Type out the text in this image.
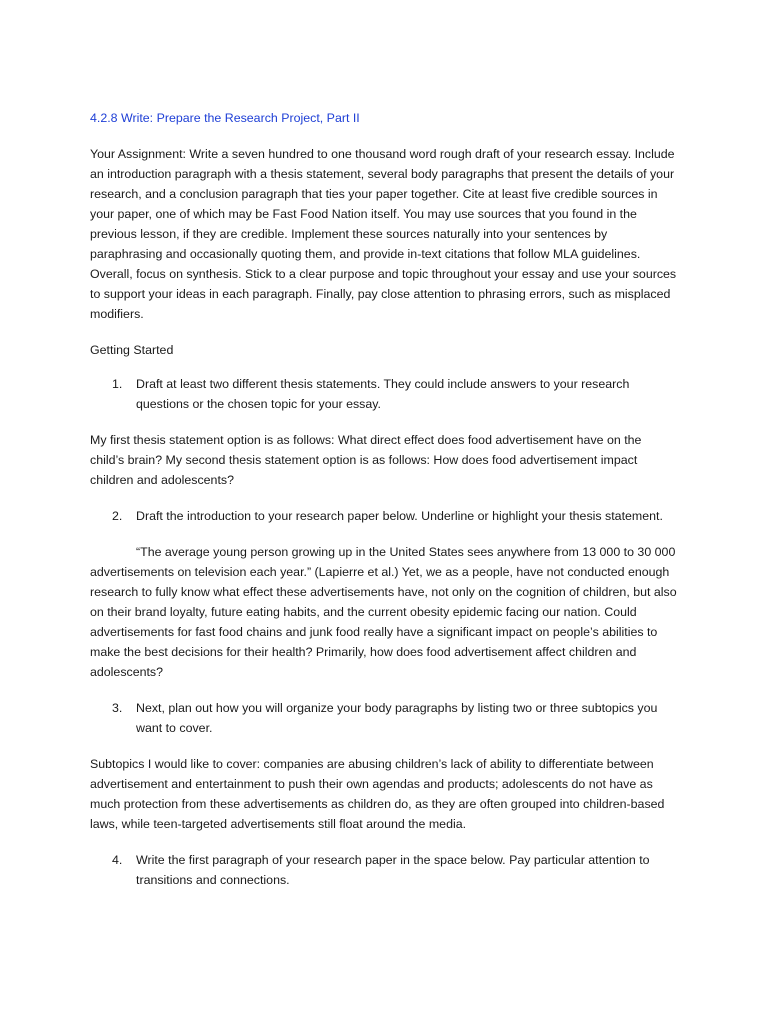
4.2.8 Write: Prepare the Research Project, Part II
Your Assignment: Write a seven hundred to one thousand word rough draft of your research essay. Include an introduction paragraph with a thesis statement, several body paragraphs that present the details of your research, and a conclusion paragraph that ties your paper together. Cite at least five credible sources in your paper, one of which may be Fast Food Nation itself. You may use sources that you found in the previous lesson, if they are credible. Implement these sources naturally into your sentences by paraphrasing and occasionally quoting them, and provide in-text citations that follow MLA guidelines. Overall, focus on synthesis. Stick to a clear purpose and topic throughout your essay and use your sources to support your ideas in each paragraph. Finally, pay close attention to phrasing errors, such as misplaced modifiers.
Getting Started
1. Draft at least two different thesis statements. They could include answers to your research questions or the chosen topic for your essay.
My first thesis statement option is as follows: What direct effect does food advertisement have on the child’s brain? My second thesis statement option is as follows: How does food advertisement impact children and adolescents?
2. Draft the introduction to your research paper below. Underline or highlight your thesis statement.
“The average young person growing up in the United States sees anywhere from 13 000 to 30 000 advertisements on television each year.” (Lapierre et al.) Yet, we as a people, have not conducted enough research to fully know what effect these advertisements have, not only on the cognition of children, but also on their brand loyalty, future eating habits, and the current obesity epidemic facing our nation. Could advertisements for fast food chains and junk food really have a significant impact on people’s abilities to make the best decisions for their health? Primarily, how does food advertisement affect children and adolescents?
3. Next, plan out how you will organize your body paragraphs by listing two or three subtopics you want to cover.
Subtopics I would like to cover: companies are abusing children’s lack of ability to differentiate between advertisement and entertainment to push their own agendas and products; adolescents do not have as much protection from these advertisements as children do, as they are often grouped into children-based laws, while teen-targeted advertisements still float around the media.
4. Write the first paragraph of your research paper in the space below. Pay particular attention to transitions and connections.
